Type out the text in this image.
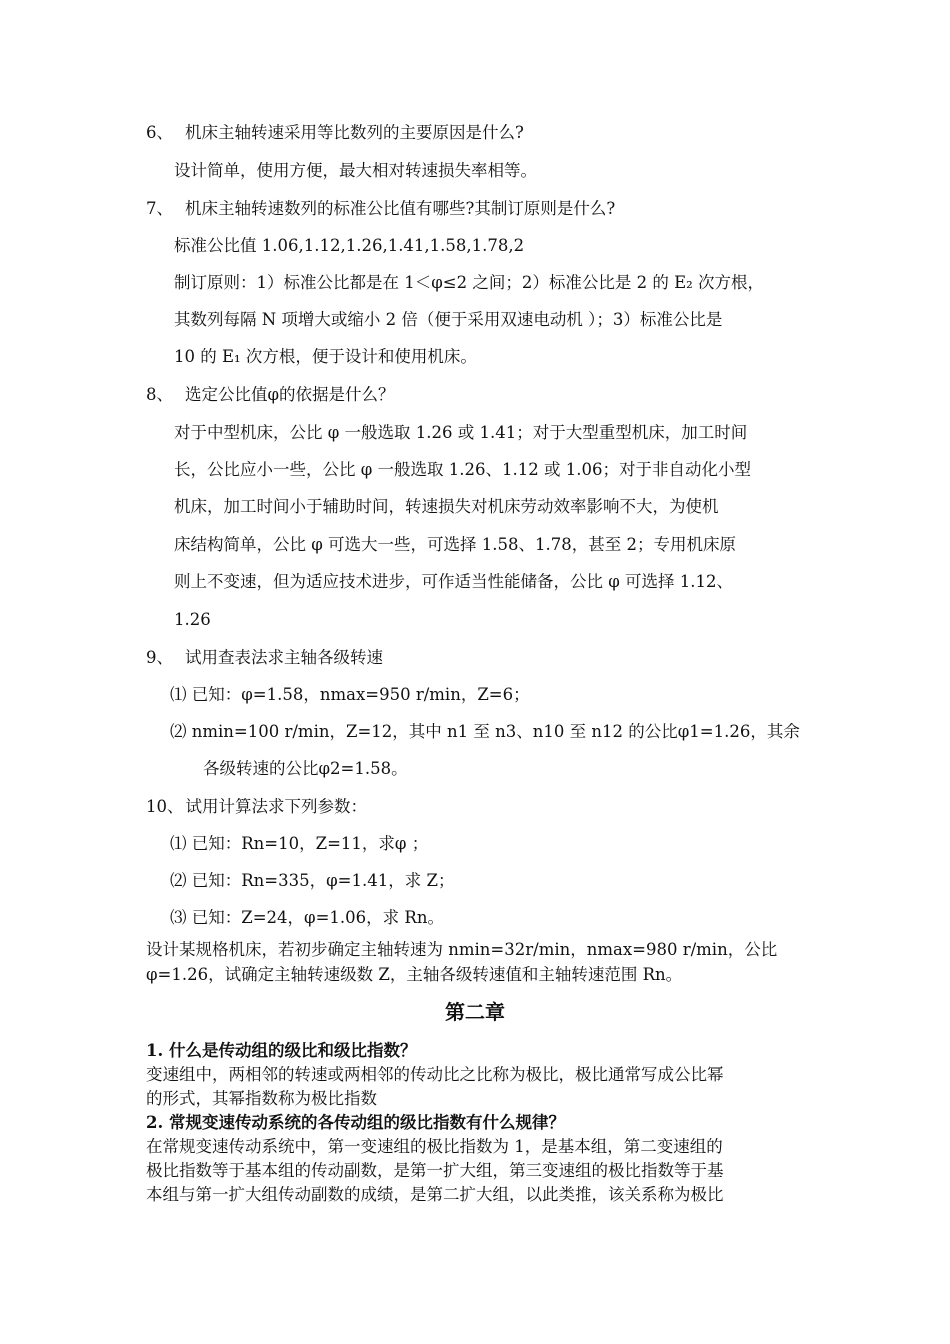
6、 机床主轴转速采用等比数列的主要原因是什么?
设计简单，使用方便，最大相对转速损失率相等。
7、 机床主轴转速数列的标准公比值有哪些?其制订原则是什么?
标准公比值 1.06,1.12,1.26,1.41,1.58,1.78,2
制订原则：1）标准公比都是在 1＜φ≤2 之间；2）标准公比是 2 的 E₂ 次方根，
其数列每隔 N 项增大或缩小 2 倍（便于采用双速电动机 ）；3）标准公比是
10 的 E₁ 次方根，便于设计和使用机床。
8、 选定公比值φ的依据是什么？
对于中型机床，公比 φ 一般选取 1.26 或 1.41；对于大型重型机床，加工时间
长，公比应小一些，公比 φ 一般选取 1.26、1.12 或 1.06；对于非自动化小型
机床，加工时间小于辅助时间，转速损失对机床劳动效率影响不大，为使机
床结构简单，公比 φ 可选大一些，可选择 1.58、1.78，甚至 2；专用机床原
则上不变速，但为适应技术进步，可作适当性能储备，公比 φ 可选择 1.12、
1.26
9、 试用查表法求主轴各级转速
⑴ 已知：φ=1.58，nmax=950 r/min，Z=6；
⑵ nmin=100 r/min，Z=12，其中 n1 至 n3、n10 至 n12 的公比φ1=1.26，其余
各级转速的公比φ2=1.58。
10、 试用计算法求下列参数：
⑴ 已知：Rn=10，Z=11，求φ ；
⑵ 已知：Rn=335，φ=1.41，求 Z；
⑶ 已知：Z=24，φ=1.06，求 Rn。
设计某规格机床，若初步确定主轴转速为 nmin=32r/min，nmax=980 r/min，公比
φ=1.26，试确定主轴转速级数 Z，主轴各级转速值和主轴转速范围 Rn。
第二章
1. 什么是传动组的级比和级比指数？
变速组中，两相邻的转速或两相邻的传动比之比称为极比，极比通常写成公比幂
的形式，其幂指数称为极比指数
2. 常规变速传动系统的各传动组的级比指数有什么规律？
在常规变速传动系统中，第一变速组的极比指数为 1，是基本组，第二变速组的
极比指数等于基本组的传动副数，是第一扩大组，第三变速组的极比指数等于基
本组与第一扩大组传动副数的成绩，是第二扩大组，以此类推，该关系称为极比
